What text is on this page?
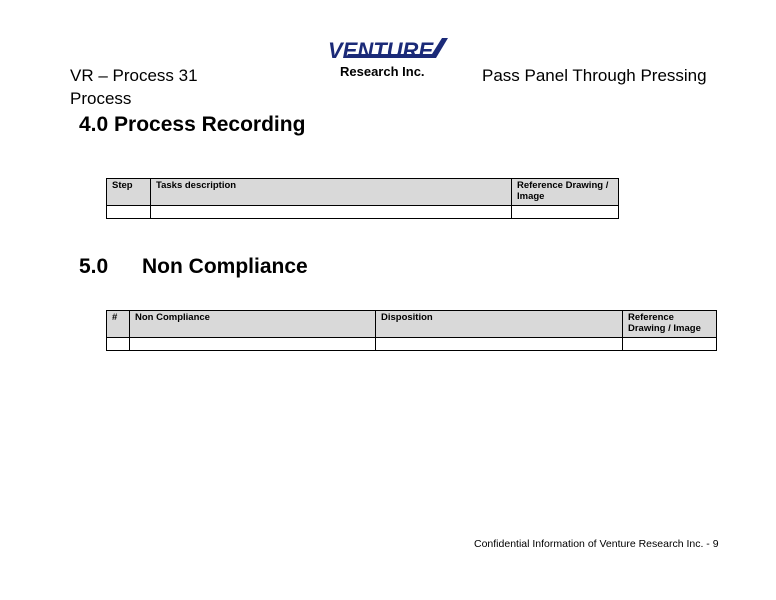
VR – Process 31
Process
VENTURE
Research Inc.	Pass Panel Through Pressing
4.0 Process Recording
Step	Tasks description	Reference Drawing / Image

5.0 Non Compliance
#	Non Compliance	Disposition	Reference Drawing / Image

Confidential Information of Venture Research Inc. - 9
